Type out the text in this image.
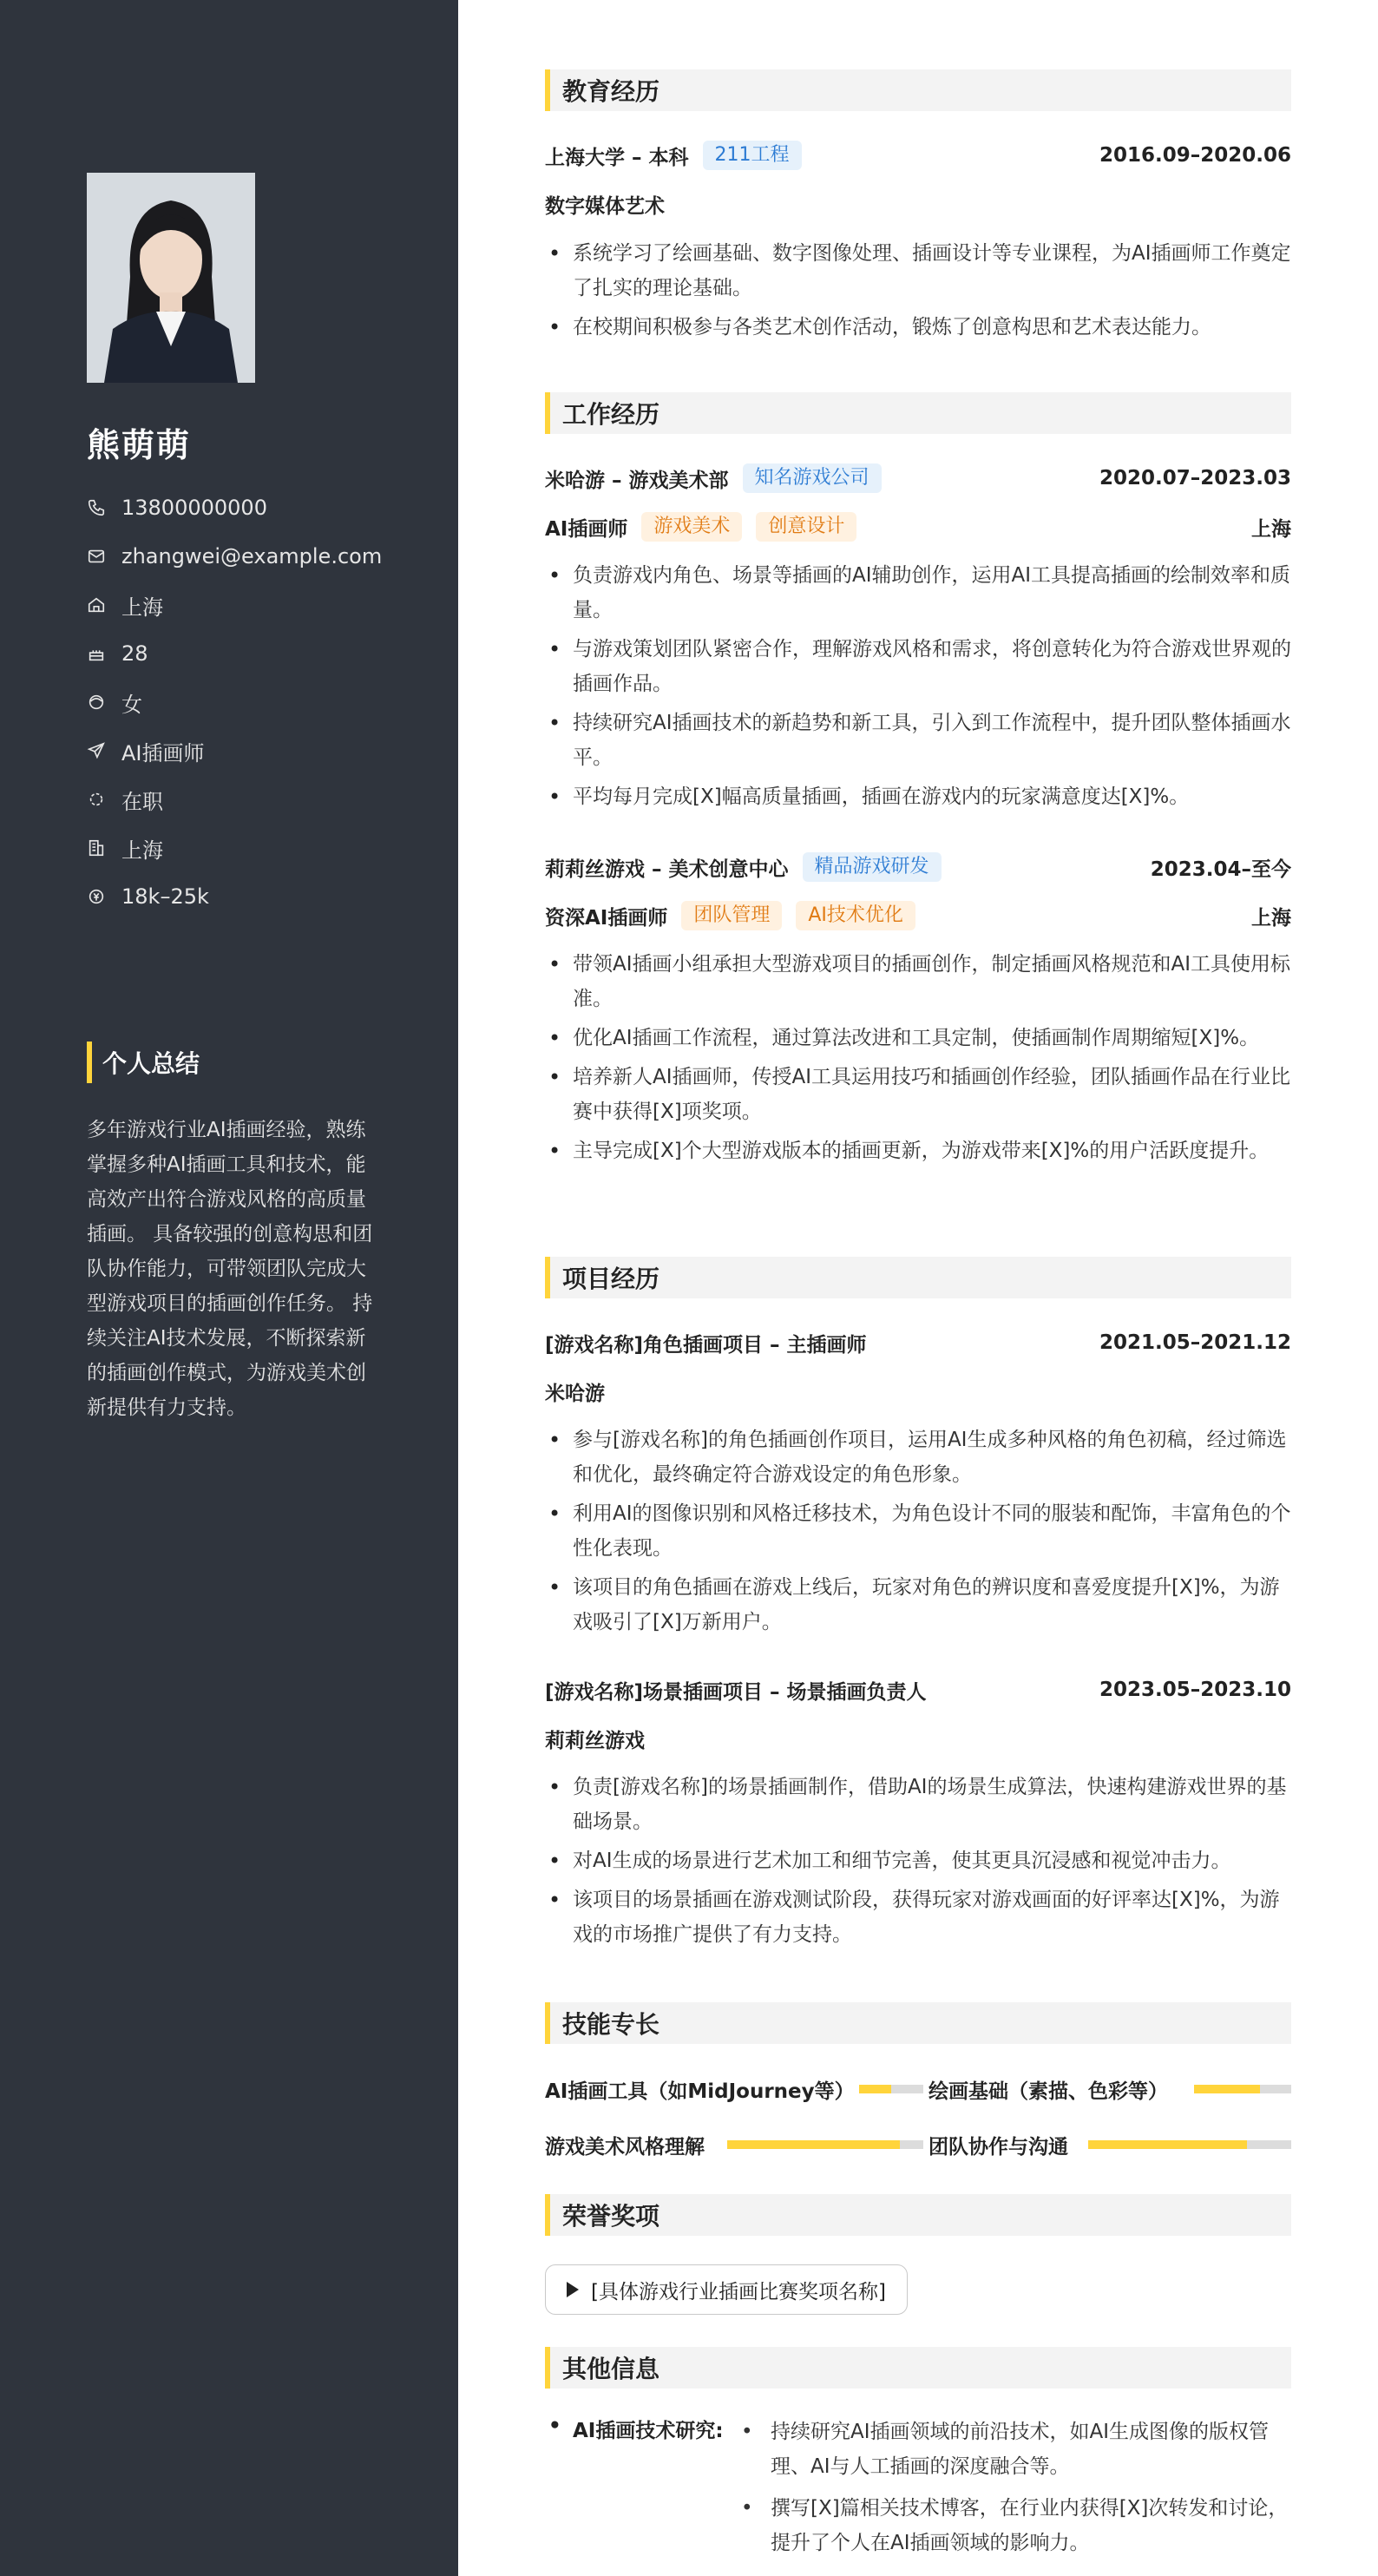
熊萌萌
13800000000
zhangwei@example.com
上海
28
女
AI插画师
在职
上海
18k–25k
个人总结
多年游戏行业AI插画经验，熟练掌握多种AI插画工具和技术，能高效产出符合游戏风格的高质量插画。 具备较强的创意构思和团队协作能力，可带领团队完成大型游戏项目的插画创作任务。 持续关注AI技术发展，不断探索新的插画创作模式，为游戏美术创新提供有力支持。
教育经历
上海大学 – 本科	211工程	2016.09–2020.06
数字媒体艺术
• 系统学习了绘画基础、数字图像处理、插画设计等专业课程，为AI插画师工作奠定了扎实的理论基础。
• 在校期间积极参与各类艺术创作活动，锻炼了创意构思和艺术表达能力。
工作经历
米哈游 – 游戏美术部	知名游戏公司	2020.07–2023.03
AI插画师	游戏美术	创意设计	上海
• 负责游戏内角色、场景等插画的AI辅助创作，运用AI工具提高插画的绘制效率和质量。
• 与游戏策划团队紧密合作，理解游戏风格和需求，将创意转化为符合游戏世界观的插画作品。
• 持续研究AI插画技术的新趋势和新工具，引入到工作流程中，提升团队整体插画水平。
• 平均每月完成[X]幅高质量插画，插画在游戏内的玩家满意度达[X]%。
莉莉丝游戏 – 美术创意中心	精品游戏研发	2023.04–至今
资深AI插画师	团队管理	AI技术优化	上海
• 带领AI插画小组承担大型游戏项目的插画创作，制定插画风格规范和AI工具使用标准。
• 优化AI插画工作流程，通过算法改进和工具定制，使插画制作周期缩短[X]%。
• 培养新人AI插画师，传授AI工具运用技巧和插画创作经验，团队插画作品在行业比赛中获得[X]项奖项。
• 主导完成[X]个大型游戏版本的插画更新，为游戏带来[X]%的用户活跃度提升。
项目经历
[游戏名称]角色插画项目 – 主插画师	2021.05–2021.12
米哈游
• 参与[游戏名称]的角色插画创作项目，运用AI生成多种风格的角色初稿，经过筛选和优化，最终确定符合游戏设定的角色形象。
• 利用AI的图像识别和风格迁移技术，为角色设计不同的服装和配饰，丰富角色的个性化表现。
• 该项目的角色插画在游戏上线后，玩家对角色的辨识度和喜爱度提升[X]%，为游戏吸引了[X]万新用户。
[游戏名称]场景插画项目 – 场景插画负责人	2023.05–2023.10
莉莉丝游戏
• 负责[游戏名称]的场景插画制作，借助AI的场景生成算法，快速构建游戏世界的基础场景。
• 对AI生成的场景进行艺术加工和细节完善，使其更具沉浸感和视觉冲击力。
• 该项目的场景插画在游戏测试阶段，获得玩家对游戏画面的好评率达[X]%，为游戏的市场推广提供了有力支持。
技能专长
AI插画工具（如MidJourney等）	绘画基础（素描、色彩等）
游戏美术风格理解	团队协作与沟通
荣誉奖项
[具体游戏行业插画比赛奖项名称]
其他信息
• AI插画技术研究:
•	持续研究AI插画领域的前沿技术，如AI生成图像的版权管理、AI与人工插画的深度融合等。
• 撰写[X]篇相关技术博客，在行业内获得[X]次转发和讨论，提升了个人在AI插画领域的影响力。
